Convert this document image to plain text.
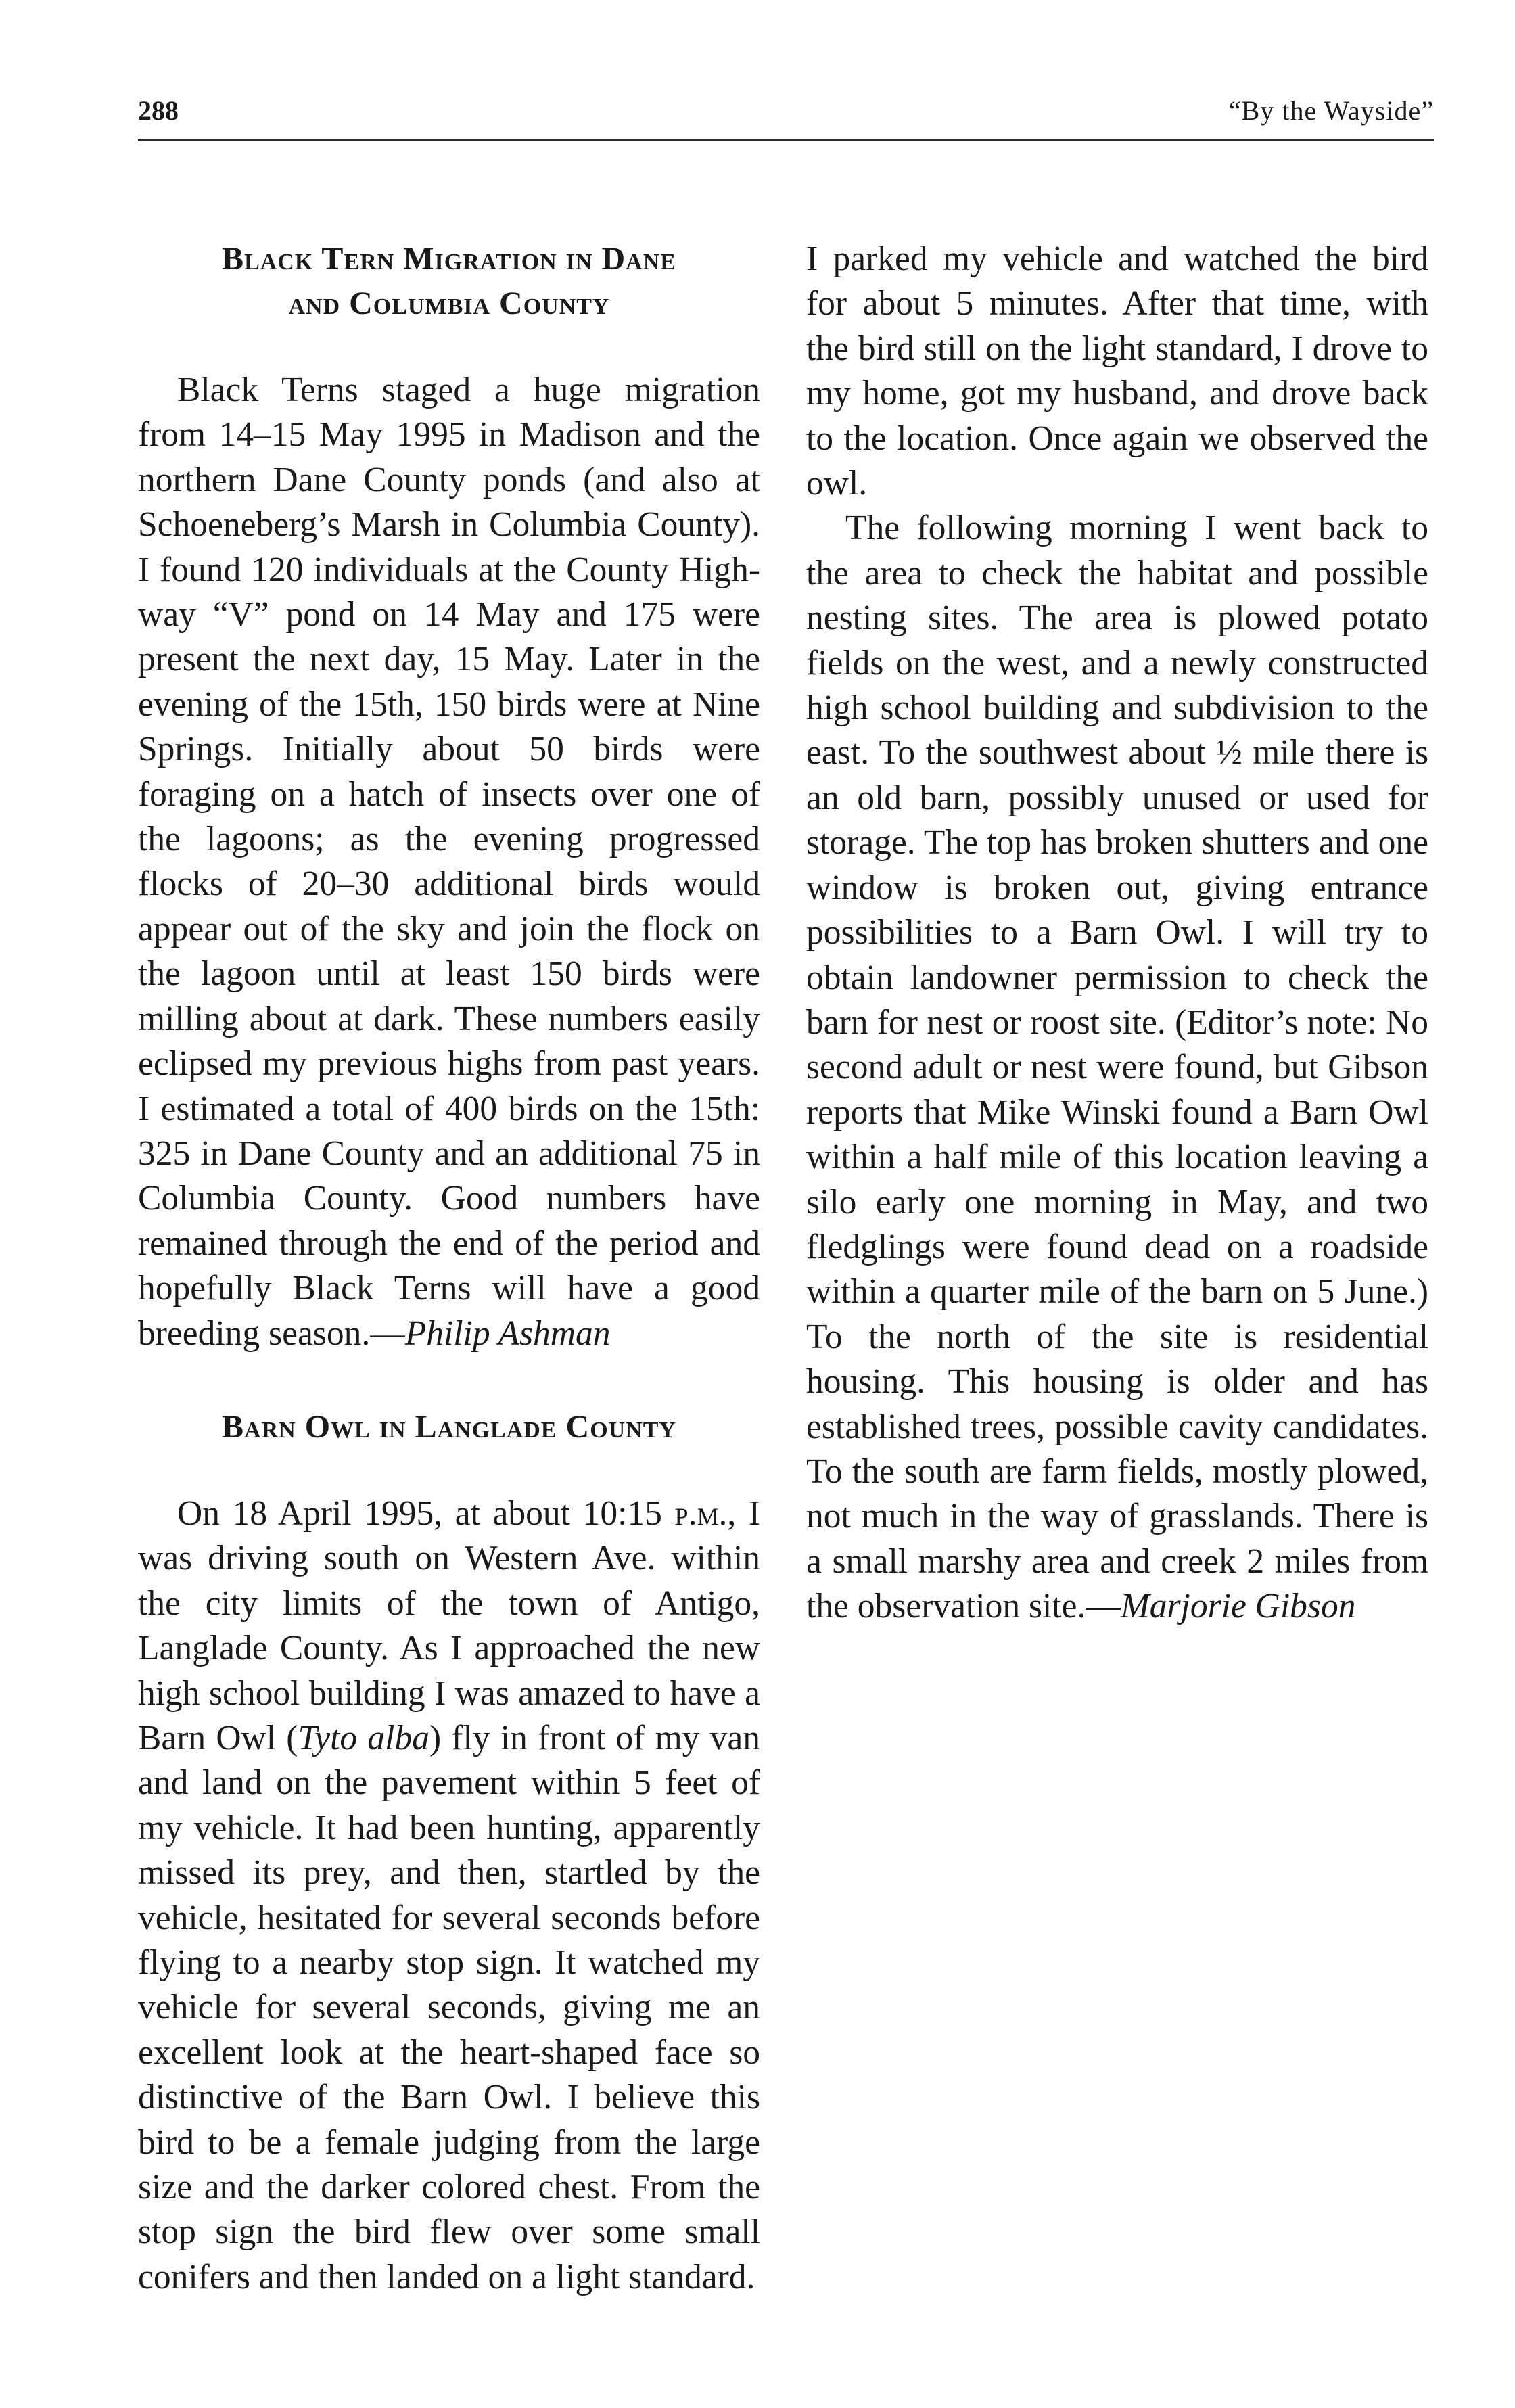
288	“By the Wayside”
Black Tern Migration in Dane
and Columbia County

Black Terns staged a huge migration from 14–15 May 1995 in Madison and the northern Dane County ponds (and also at Schoeneberg’s Marsh in Columbia County). I found 120 individuals at the County Highway “V” pond on 14 May and 175 were present the next day, 15 May. Later in the evening of the 15th, 150 birds were at Nine Springs. Initially about 50 birds were foraging on a hatch of insects over one of the lagoons; as the evening progressed flocks of 20–30 additional birds would appear out of the sky and join the flock on the lagoon until at least 150 birds were milling about at dark. These numbers easily eclipsed my previous highs from past years. I estimated a total of 400 birds on the 15th: 325 in Dane County and an additional 75 in Columbia County. Good numbers have remained through the end of the period and hopefully Black Terns will have a good breeding season.—Philip Ashman

Barn Owl in Langlade County

On 18 April 1995, at about 10:15 p.m., I was driving south on Western Ave. within the city limits of the town of Antigo, Langlade County. As I approached the new high school building I was amazed to have a Barn Owl (Tyto alba) fly in front of my van and land on the pavement within 5 feet of my vehicle. It had been hunting, apparently missed its prey, and then, startled by the vehicle, hesitated for several seconds before flying to a nearby stop sign. It watched my vehicle for several seconds, giving me an excellent look at the heart-shaped face so distinctive of the Barn Owl. I believe this bird to be a female judging from the large size and the darker colored chest. From the stop sign the bird flew over some small conifers and then landed on a light standard.

I parked my vehicle and watched the bird for about 5 minutes. After that time, with the bird still on the light standard, I drove to my home, got my husband, and drove back to the location. Once again we observed the owl.

The following morning I went back to the area to check the habitat and possible nesting sites. The area is plowed potato fields on the west, and a newly constructed high school building and subdivision to the east. To the southwest about ½ mile there is an old barn, possibly unused or used for storage. The top has broken shutters and one window is broken out, giving entrance possibilities to a Barn Owl. I will try to obtain landowner permission to check the barn for nest or roost site. (Editor’s note: No second adult or nest were found, but Gibson reports that Mike Winski found a Barn Owl within a half mile of this location leaving a silo early one morning in May, and two fledglings were found dead on a roadside within a quarter mile of the barn on 5 June.) To the north of the site is residential housing. This housing is older and has established trees, possible cavity candidates. To the south are farm fields, mostly plowed, not much in the way of grasslands. There is a small marshy area and creek 2 miles from the observation site.—Marjorie Gibson
